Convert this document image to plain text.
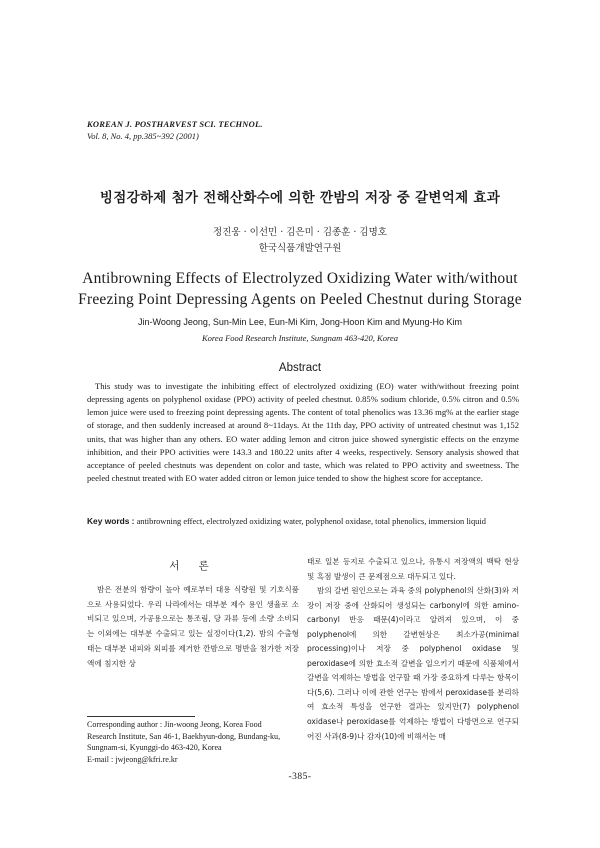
KOREAN J. POSTHARVEST SCI. TECHNOL.
Vol. 8, No. 4, pp.385~392 (2001)
빙점강하제 첨가 전해산화수에 의한 깐밤의 저장 중 갈변억제 효과
정진웅 · 이선민 · 김은미 · 김종훈 · 김명호
한국식품개발연구원
Antibrowning Effects of Electrolyzed Oxidizing Water with/without
Freezing Point Depressing Agents on Peeled Chestnut during Storage
Jin-Woong Jeong, Sun-Min Lee, Eun-Mi Kim, Jong-Hoon Kim and Myung-Ho Kim
Korea Food Research Institute, Sungnam 463-420, Korea
Abstract
This study was to investigate the inhibiting effect of electrolyzed oxidizing (EO) water with/without freezing point depressing agents on polyphenol oxidase (PPO) activity of peeled chestnut. 0.85% sodium chloride, 0.5% citron and 0.5% lemon juice were used to freezing point depressing agents. The content of total phenolics was 13.36 mg% at the earlier stage of storage, and then suddenly increased at around 8~11days. At the 11th day, PPO activity of untreated chestnut was 1,152 units, that was higher than any others. EO water adding lemon and citron juice showed synergistic effects on the enzyme inhibition, and their PPO activities were 143.3 and 180.22 units after 4 weeks, respectively. Sensory analysis showed that acceptance of peeled chestnuts was dependent on color and taste, which was related to PPO activity and sweetness. The peeled chestnut treated with EO water added citron or lemon juice tended to show the highest score for acceptance.
Key words : antibrowning effect, electrolyzed oxidizing water, polyphenol oxidase, total phenolics, immersion liquid
서 론
밤은 전분의 함량이 높아 예로부터 대용 식량원 및 기호식품으로 사용되었다. 우리 나라에서는 대부분 제수 용인 생율로 소비되고 있으며, 가공용으로는 통조림, 당 과류 등에 소량 소비되는 이외에는 대부분 수출되고 있는 실정이다(1,2). 밤의 수출형태는 대부분 내피와 외피를 제거한 깐밤으로 명반을 첨가한 저장액에 침지한 상

태로 일본 등지로 수출되고 있으나, 유통시 저장액의 백탁 현상 및 흑점 발생이 큰 문제점으로 대두되고 있다.

밤의 갈변 원인으로는 과육 중의 polyphenol의 산화(3)와 저장이 저장 중에 산화되어 생성되는 carbonyl에 의한 amino-carbonyl 반응 때문(4)이라고 알려져 있으며, 이 중 polyphenol에 의한 갈변현상은 최소가공(minimal processing)이나 저장 중 polyphenol oxidase 및 peroxidase에 의한 효소적 갈변을 일으키기 때문에 식품체에서 갈변을 억제하는 방법을 연구할 때 가장 중요하게 다루는 항목이다(5,6). 그러나 이에 관한 연구는 밤에서 peroxidase를 분리하여 효소적 특성을 연구한 결과는 있지만(7) polyphenol oxidase나 peroxidase를 억제하는 방법이 다방면으로 연구되어진 사과(8-9)나 감자(10)에 비해서는 매

Corresponding author : Jin-woong Jeong, Korea Food
Research Institute, San 46-1, Baekhyun-dong, Bundang-ku,
Sungnam-si, Kyunggi-do 463-420, Korea
E-mail : jwjeong@kfri.re.kr
-385-
